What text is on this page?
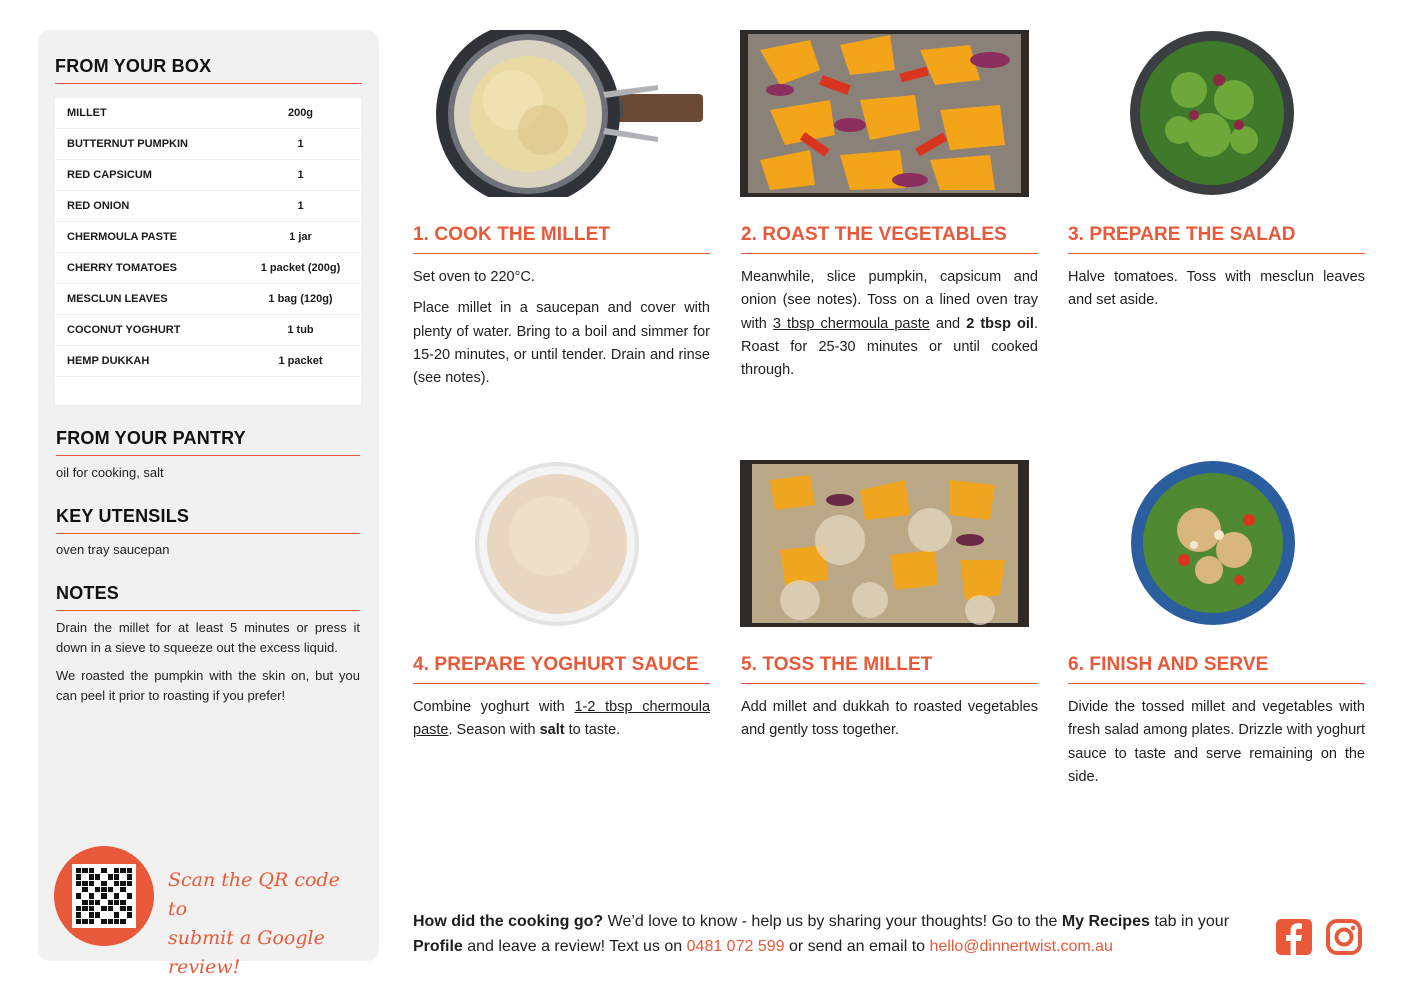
FROM YOUR BOX
MILLET	200g
BUTTERNUT PUMPKIN	1
RED CAPSICUM	1
RED ONION	1
CHERMOULA PASTE	1 jar
CHERRY TOMATOES	1 packet (200g)
MESCLUN LEAVES	1 bag (120g)
COCONUT YOGHURT	1 tub
HEMP DUKKAH	1 packet
FROM YOUR PANTRY
oil for cooking, salt
KEY UTENSILS
oven tray saucepan
NOTES
Drain the millet for at least 5 minutes or press it down in a sieve to squeeze out the excess liquid.
We roasted the pumpkin with the skin on, but you can peel it prior to roasting if you prefer!
Scan the QR code to
submit a Google review!
1. COOK THE MILLET

Set oven to 220°C.

Place millet in a saucepan and cover with plenty of water. Bring to a boil and simmer for 15-20 minutes, or until tender. Drain and rinse (see notes).

2. ROAST THE VEGETABLES
Meanwhile, slice pumpkin, capsicum and onion (see notes). Toss on a lined oven tray with 3 tbsp chermoula paste and 2 tbsp oil. Roast for 25-30 minutes or until cooked through.
3. PREPARE THE SALAD
Halve tomatoes. Toss with mesclun leaves and set aside.
4. PREPARE YOGHURT SAUCE
Combine yoghurt with 1-2 tbsp chermoula paste. Season with salt to taste.
5. TOSS THE MILLET
Add millet and dukkah to roasted vegetables and gently toss together.
6. FINISH AND SERVE
Divide the tossed millet and vegetables with fresh salad among plates. Drizzle with yoghurt sauce to taste and serve remaining on the side.
How did the cooking go? We’d love to know - help us by sharing your thoughts! Go to the My Recipes tab in your Profile and leave a review! Text us on 0481 072 599 or send an email to hello@dinnertwist.com.au
